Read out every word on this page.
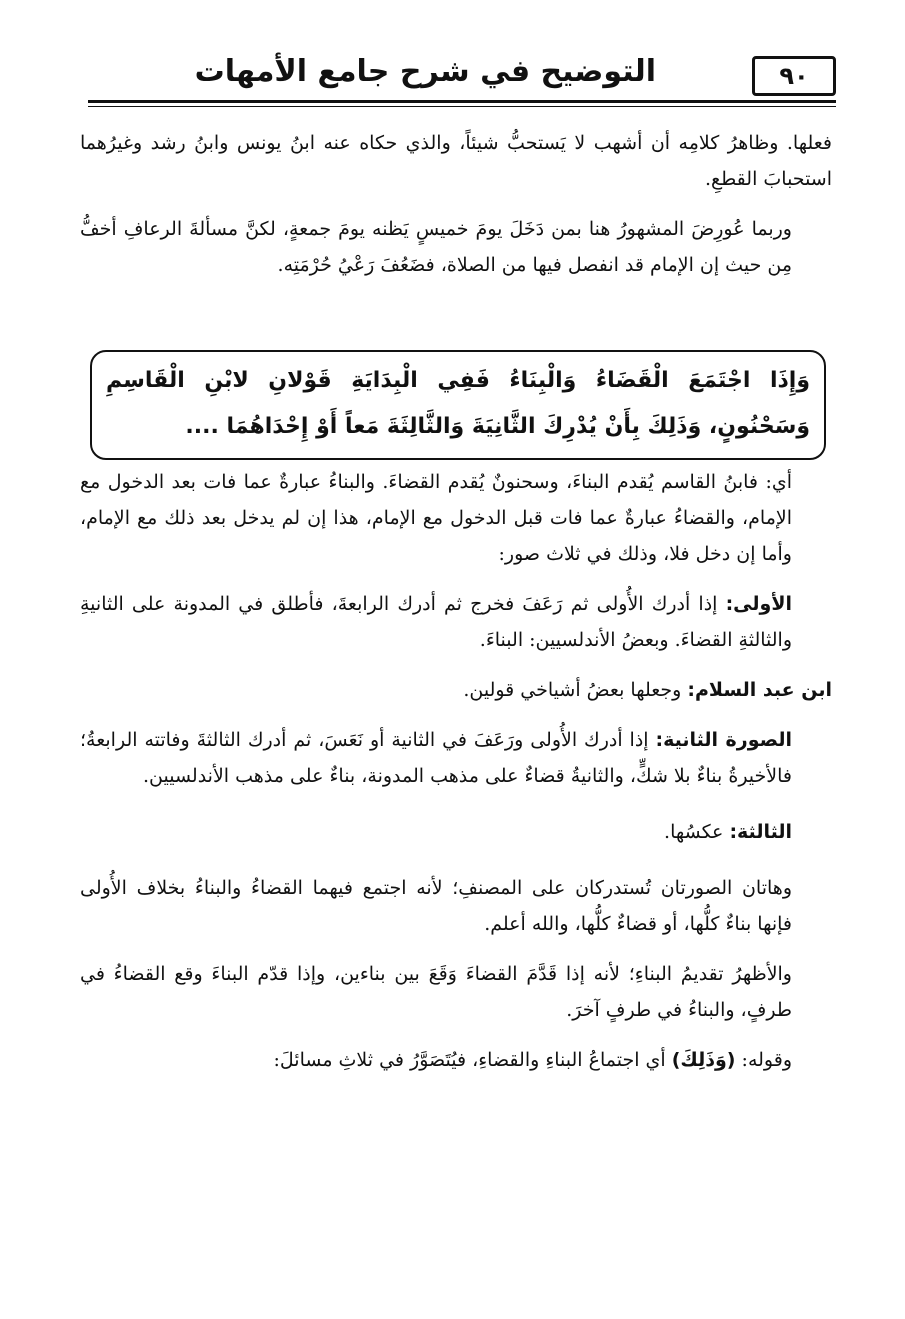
التوضيح في شرح جامع الأمهات	٩٠

فعلها. وظاهرُ كلامِه أن أشهب لا يَستحبُّ شيئاً، والذي حكاه عنه ابنُ يونس وابنُ رشد وغيرُهما استحبابَ القطعِ.

وربما عُورِضَ المشهورُ هنا بمن دَخَلَ يومَ خميسٍ يَظنه يومَ جمعةٍ، لكنَّ مسألةَ الرعافِ أخفُّ مِن حيث إن الإمام قد انفصل فيها من الصلاة، فضَعُفَ رَعْيُ حُرْمَتِه.

وَإِذَا اجْتَمَعَ الْقَضَاءُ وَالْبِنَاءُ فَفِي الْبِدَايَةِ قَوْلانِ لابْنِ الْقَاسِمِ وَسَحْنُونٍ، وَذَلِكَ بِأَنْ يُدْرِكَ الثَّانِيَةَ وَالثَّالِثَةَ مَعاً أَوْ إِحْدَاهُمَا ....

أي: فابنُ القاسم يُقدم البناءَ، وسحنونٌ يُقدم القضاءَ. والبناءُ عبارةٌ عما فات بعد الدخول مع الإمام، والقضاءُ عبارةٌ عما فات قبل الدخول مع الإمام، هذا إن لم يدخل بعد ذلك مع الإمام، وأما إن دخل فلا، وذلك في ثلاث صور:

الأولى: إذا أدرك الأُولى ثم رَعَفَ فخرج ثم أدرك الرابعةَ، فأطلق في المدونة على الثانيةِ والثالثةِ القضاءَ. وبعضُ الأندلسيين: البناءَ.

ابن عبد السلام: وجعلها بعضُ أشياخي قولين.

الصورة الثانية: إذا أدرك الأُولى ورَعَفَ في الثانية أو نَعَسَ، ثم أدرك الثالثةَ وفاتته الرابعةُ؛ فالأخيرةُ بناءٌ بلا شكٍّ، والثانيةُ قضاءٌ على مذهب المدونة، بناءٌ على مذهب الأندلسيين.

الثالثة: عكسُها.

وهاتان الصورتان تُستدركان على المصنفِ؛ لأنه اجتمع فيهما القضاءُ والبناءُ بخلاف الأُولى فإنها بناءٌ كلُّها، أو قضاءٌ كلُّها، والله أعلم.

والأظهرُ تقديمُ البناءِ؛ لأنه إذا قَدَّمَ القضاءَ وَقَعَ بين بناءين، وإذا قدّم البناءَ وقع القضاءُ في طرفٍ، والبناءُ في طرفٍ آخرَ.

وقوله: (وَذَلِكَ) أي اجتماعُ البناءِ والقضاءِ، فيُتَصَوَّرُ في ثلاثِ مسائلَ:
